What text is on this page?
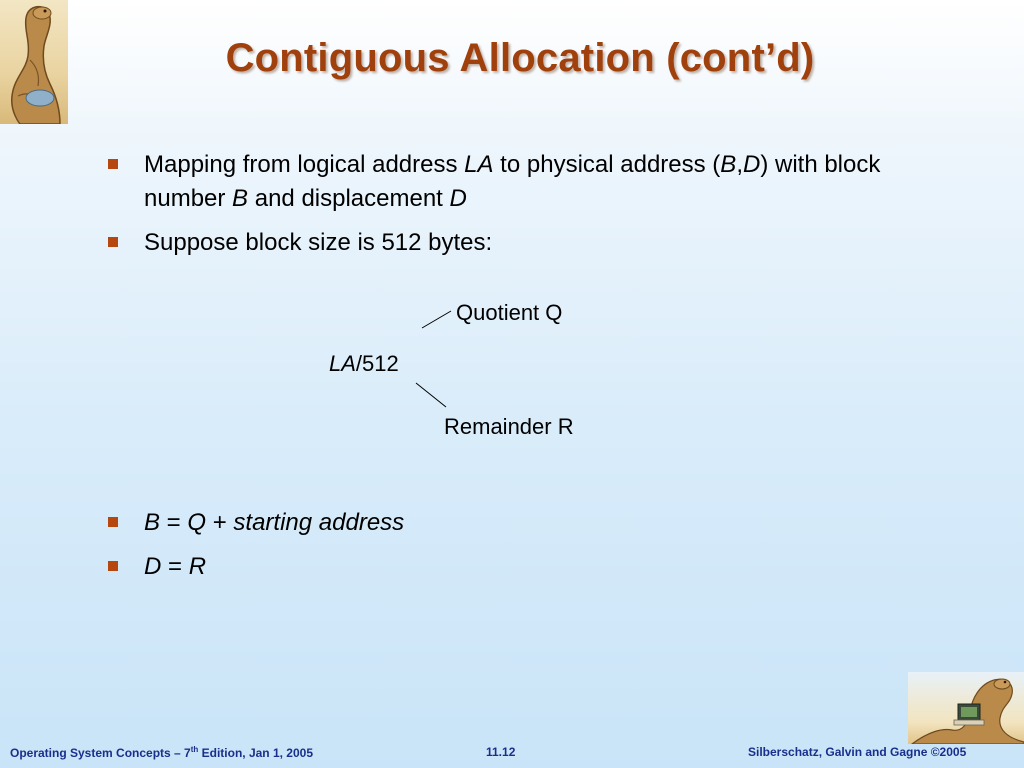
Contiguous Allocation (cont’d)
Mapping from logical address LA to physical address (B,D) with block number B and displacement D
Suppose block size is 512 bytes:
Quotient Q
LA/512
Remainder R
B = Q + starting address
D = R
Operating System Concepts – 7th Edition, Jan 1, 2005	11.12	Silberschatz, Galvin and Gagne ©2005
